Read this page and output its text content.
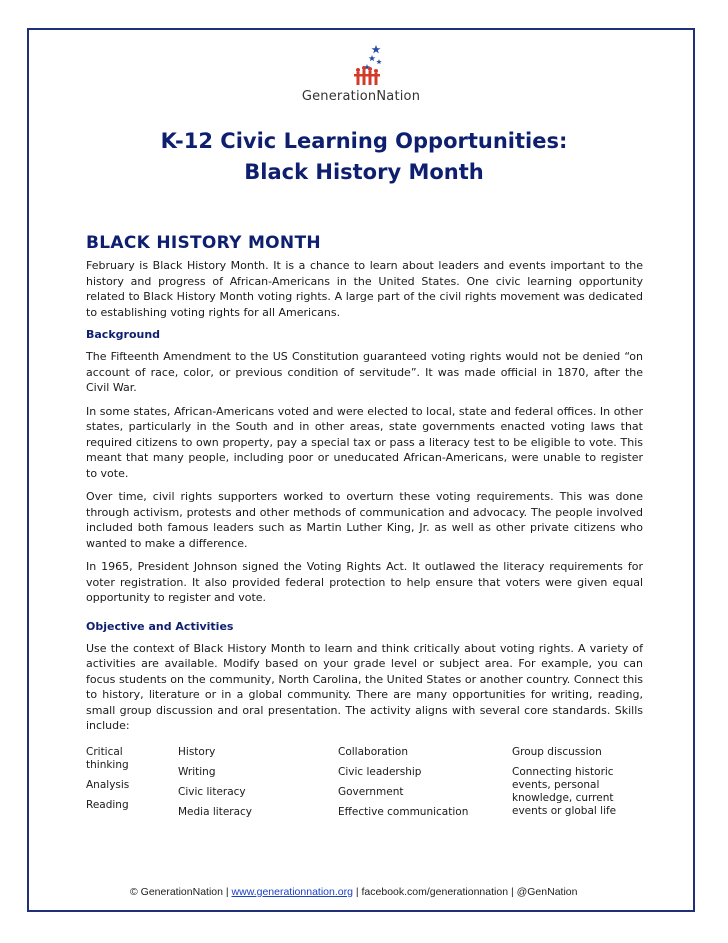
GenerationNation
K-12 Civic Learning Opportunities:
Black History Month
BLACK HISTORY MONTH

February is Black History Month. It is a chance to learn about leaders and events important to the history and progress of African-Americans in the United States. One civic learning opportunity related to Black History Month voting rights. A large part of the civil rights movement was dedicated to establishing voting rights for all Americans.

Background

The Fifteenth Amendment to the US Constitution guaranteed voting rights would not be denied “on account of race, color, or previous condition of servitude”. It was made official in 1870, after the Civil War.

In some states, African-Americans voted and were elected to local, state and federal offices. In other states, particularly in the South and in other areas, state governments enacted voting laws that required citizens to own property, pay a special tax or pass a literacy test to be eligible to vote. This meant that many people, including poor or uneducated African-Americans, were unable to register to vote.

Over time, civil rights supporters worked to overturn these voting requirements. This was done through activism, protests and other methods of communication and advocacy. The people involved included both famous leaders such as Martin Luther King, Jr. as well as other private citizens who wanted to make a difference.

In 1965, President Johnson signed the Voting Rights Act. It outlawed the literacy requirements for voter registration. It also provided federal protection to help ensure that voters were given equal opportunity to register and vote.

Objective and Activities

Use the context of Black History Month to learn and think critically about voting rights. A variety of activities are available. Modify based on your grade level or subject area. For example, you can focus students on the community, North Carolina, the United States or another country. Connect this to history, literature or in a global community. There are many opportunities for writing, reading, small group discussion and oral presentation. The activity aligns with several core standards. Skills include:

Critical thinking
Analysis
Reading
History
Writing
Civic literacy
Media literacy
Collaboration
Civic leadership
Government
Effective communication
Group discussion
Connecting historic events, personal knowledge, current events or global life
© GenerationNation | www.generationnation.org | facebook.com/generationnation | @GenNation
